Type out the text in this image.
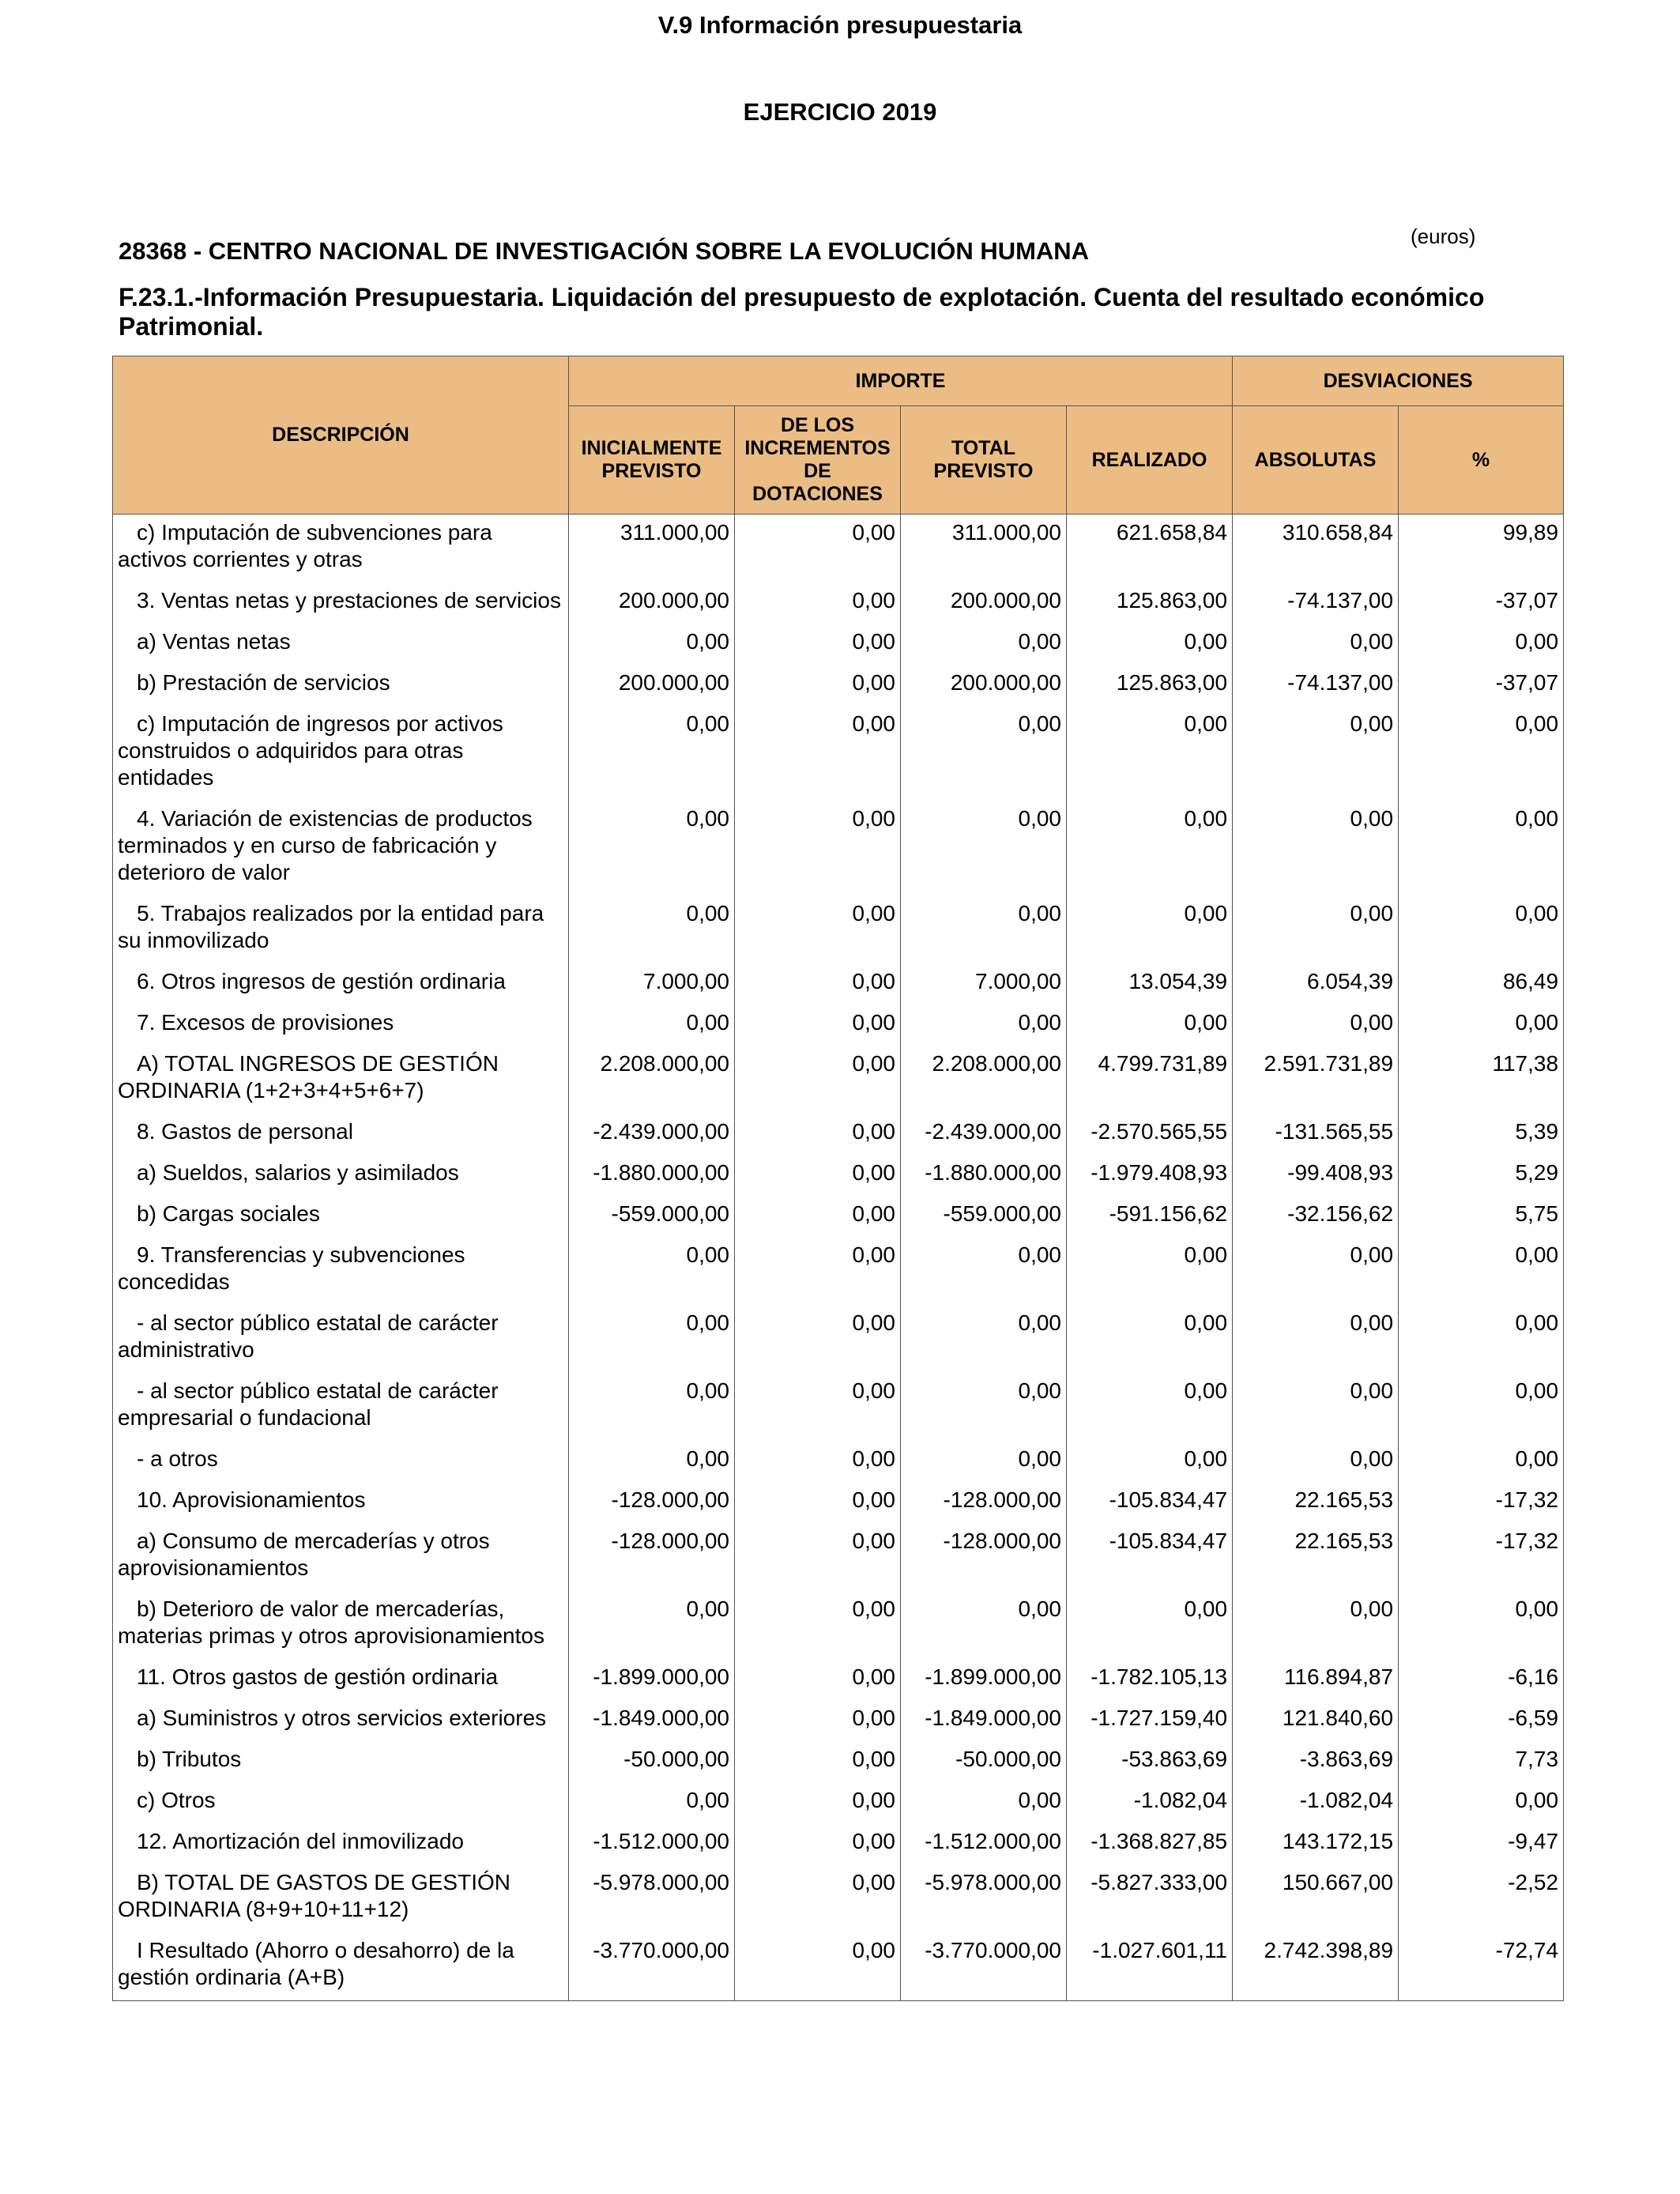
V.9 Información presupuestaria
EJERCICIO 2019
(euros)
28368 - CENTRO NACIONAL DE INVESTIGACIÓN SOBRE LA EVOLUCIÓN HUMANA
F.23.1.-Información Presupuestaria. Liquidación del presupuesto de explotación. Cuenta del resultado económico Patrimonial.
DESCRIPCIÓN	IMPORTE				DESVIACIONES	
	INICIALMENTE PREVISTO	DE LOS INCREMENTOS DE DOTACIONES	TOTAL PREVISTO	REALIZADO	ABSOLUTAS	%
c) Imputación de subvenciones para activos corrientes y otras	311.000,00	0,00	311.000,00	621.658,84	310.658,84	99,89
3. Ventas netas y prestaciones de servicios	200.000,00	0,00	200.000,00	125.863,00	-74.137,00	-37,07
a) Ventas netas	0,00	0,00	0,00	0,00	0,00	0,00
b) Prestación de servicios	200.000,00	0,00	200.000,00	125.863,00	-74.137,00	-37,07
c) Imputación de ingresos por activos construidos o adquiridos para otras entidades	0,00	0,00	0,00	0,00	0,00	0,00
4. Variación de existencias de productos terminados y en curso de fabricación y deterioro de valor	0,00	0,00	0,00	0,00	0,00	0,00
5. Trabajos realizados por la entidad para su inmovilizado	0,00	0,00	0,00	0,00	0,00	0,00
6. Otros ingresos de gestión ordinaria	7.000,00	0,00	7.000,00	13.054,39	6.054,39	86,49
7. Excesos de provisiones	0,00	0,00	0,00	0,00	0,00	0,00
A) TOTAL INGRESOS DE GESTIÓN ORDINARIA (1+2+3+4+5+6+7)	2.208.000,00	0,00	2.208.000,00	4.799.731,89	2.591.731,89	117,38
8. Gastos de personal	-2.439.000,00	0,00	-2.439.000,00	-2.570.565,55	-131.565,55	5,39
a) Sueldos, salarios y asimilados	-1.880.000,00	0,00	-1.880.000,00	-1.979.408,93	-99.408,93	5,29
b) Cargas sociales	-559.000,00	0,00	-559.000,00	-591.156,62	-32.156,62	5,75
9. Transferencias y subvenciones concedidas	0,00	0,00	0,00	0,00	0,00	0,00
- al sector público estatal de carácter administrativo	0,00	0,00	0,00	0,00	0,00	0,00
- al sector público estatal de carácter empresarial o fundacional	0,00	0,00	0,00	0,00	0,00	0,00
- a otros	0,00	0,00	0,00	0,00	0,00	0,00
10. Aprovisionamientos	-128.000,00	0,00	-128.000,00	-105.834,47	22.165,53	-17,32
a) Consumo de mercaderías y otros aprovisionamientos	-128.000,00	0,00	-128.000,00	-105.834,47	22.165,53	-17,32
b) Deterioro de valor de mercaderías, materias primas y otros aprovisionamientos	0,00	0,00	0,00	0,00	0,00	0,00
11. Otros gastos de gestión ordinaria	-1.899.000,00	0,00	-1.899.000,00	-1.782.105,13	116.894,87	-6,16
a) Suministros y otros servicios exteriores	-1.849.000,00	0,00	-1.849.000,00	-1.727.159,40	121.840,60	-6,59
b) Tributos	-50.000,00	0,00	-50.000,00	-53.863,69	-3.863,69	7,73
c) Otros	0,00	0,00	0,00	-1.082,04	-1.082,04	0,00
12. Amortización del inmovilizado	-1.512.000,00	0,00	-1.512.000,00	-1.368.827,85	143.172,15	-9,47
B) TOTAL DE GASTOS DE GESTIÓN ORDINARIA (8+9+10+11+12)	-5.978.000,00	0,00	-5.978.000,00	-5.827.333,00	150.667,00	-2,52
I Resultado (Ahorro o desahorro) de la gestión ordinaria (A+B)	-3.770.000,00	0,00	-3.770.000,00	-1.027.601,11	2.742.398,89	-72,74
